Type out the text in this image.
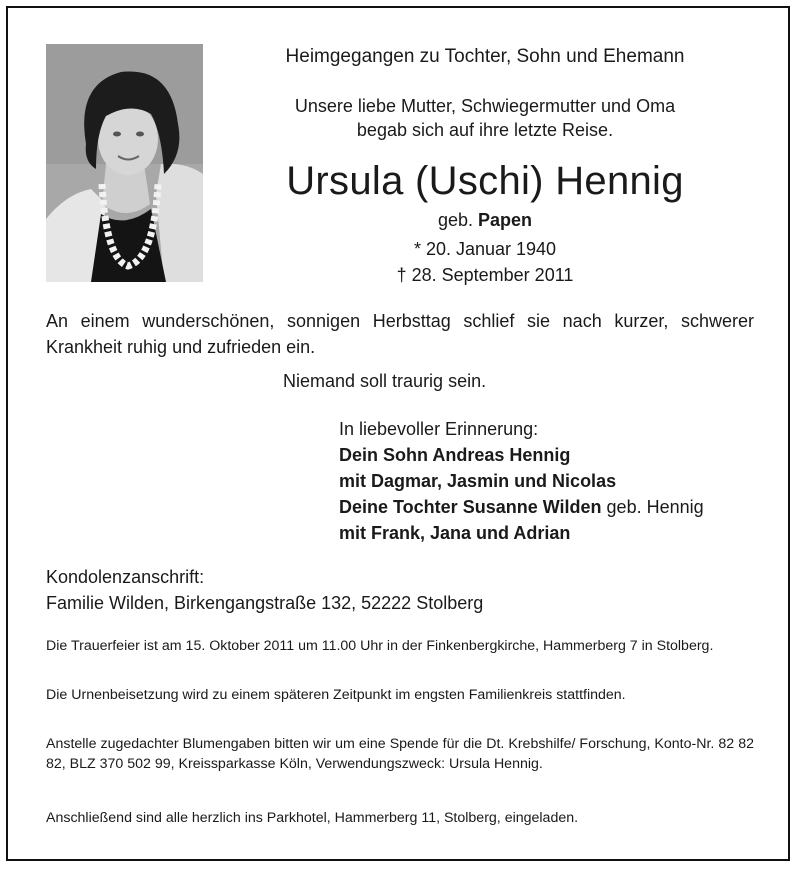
Heimgegangen zu Tochter, Sohn und Ehemann
Unsere liebe Mutter, Schwiegermutter und Oma
begab sich auf ihre letzte Reise.
Ursula (Uschi) Hennig
geb. Papen
* 20. Januar 1940
† 28. September 2011
An einem wunderschönen, sonnigen Herbsttag schlief sie nach kurzer, schwerer Krankheit ruhig und zufrieden ein.
Niemand soll traurig sein.
In liebevoller Erinnerung:
Dein Sohn Andreas Hennig
mit Dagmar, Jasmin und Nicolas
Deine Tochter Susanne Wilden geb. Hennig
mit Frank, Jana und Adrian
Kondolenzanschrift:
Familie Wilden, Birkengangstraße 132, 52222 Stolberg
Die Trauerfeier ist am 15. Oktober 2011 um 11.00 Uhr in der Finkenbergkirche, Hammerberg 7 in Stolberg.
Die Urnenbeisetzung wird zu einem späteren Zeitpunkt im engsten Familienkreis stattfinden.
Anstelle zugedachter Blumengaben bitten wir um eine Spende für die Dt. Krebshilfe/ Forschung, Konto-Nr. 82 82 82, BLZ 370 502 99, Kreissparkasse Köln, Verwendungszweck: Ursula Hennig.
Anschließend sind alle herzlich ins Parkhotel, Hammerberg 11, Stolberg, eingeladen.
